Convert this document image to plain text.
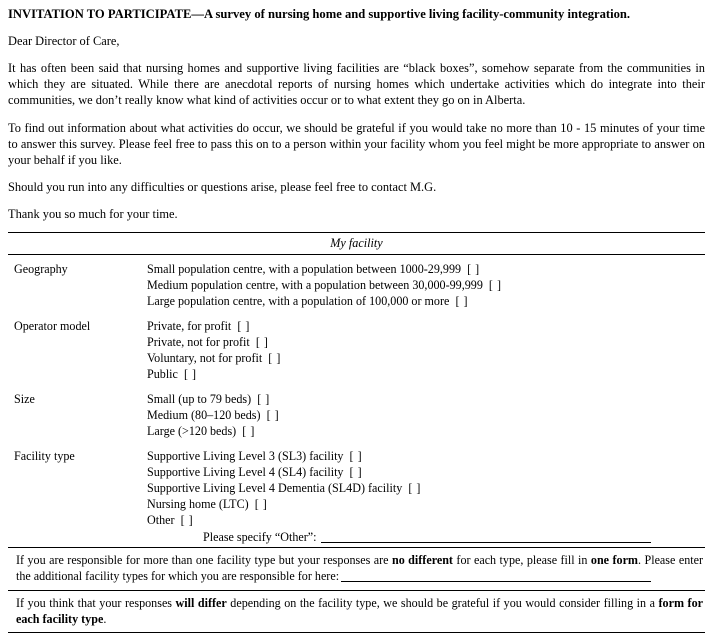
INVITATION TO PARTICIPATE—A survey of nursing home and supportive living facility-community integration.

Dear Director of Care,

It has often been said that nursing homes and supportive living facilities are “black boxes”, somehow separate from the communities in which they are situated. While there are anecdotal reports of nursing homes which undertake activities which do integrate into their communities, we don’t really know what kind of activities occur or to what extent they go on in Alberta.

To find out information about what activities do occur, we should be grateful if you would take no more than 10 - 15 minutes of your time to answer this survey. Please feel free to pass this on to a person within your facility whom you feel might be more appropriate to answer on your behalf if you like.

Should you run into any difficulties or questions arise, please feel free to contact M.G.

Thank you so much for your time.

My facility	
Geography	Small population centre, with a population between 1000-29,999 [ ]
Medium population centre, with a population between 30,000-99,999 [ ]
Large population centre, with a population of 100,000 or more [ ]

Operator model	Private, for profit [ ]
Private, not for profit [ ]
Voluntary, not for profit [ ]
Public [ ]

Size	Small (up to 79 beds) [ ]
Medium (80–120 beds) [ ]
Large (>120 beds) [ ]

Facility type	Supportive Living Level 3 (SL3) facility [ ]
Supportive Living Level 4 (SL4) facility [ ]
Supportive Living Level 4 Dementia (SL4D) facility [ ]
Nursing home (LTC) [ ]
Other [ ]
Please specify “Other”:

If you are responsible for more than one facility type but your responses are no different for each type, please fill in one form. Please enter the additional facility types for which you are responsible for here:	
If you think that your responses will differ depending on the facility type, we should be grateful if you would consider filling in a form for each facility type.	
